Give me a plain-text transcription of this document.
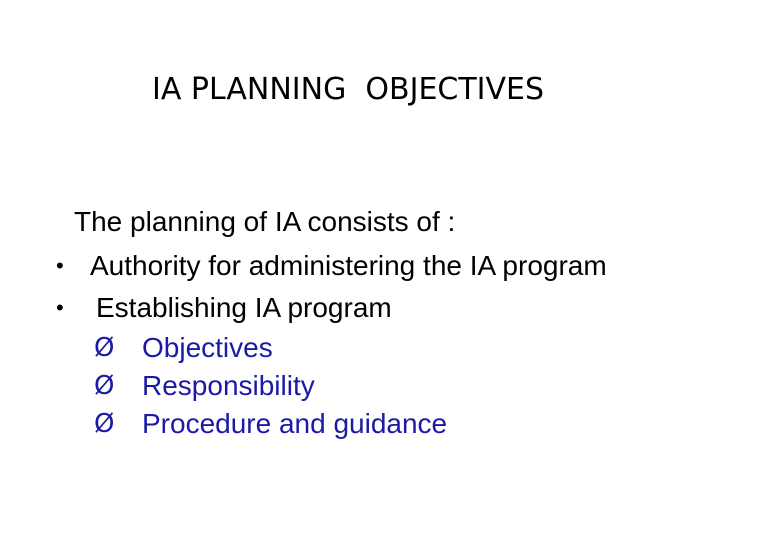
IA PLANNING  OBJECTIVES
The planning of IA consists of :

•

Authority for administering the IA program

•

Establishing IA program

Ø

Objectives

Ø

Responsibility

Ø

Procedure and guidance
